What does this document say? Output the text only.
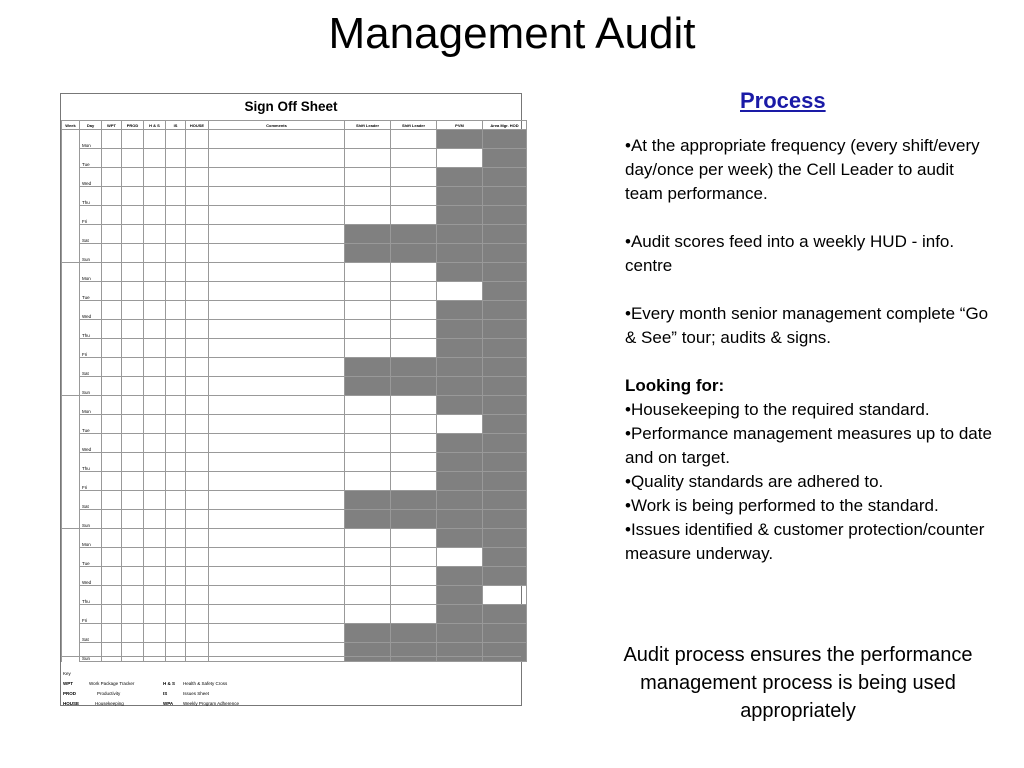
Management Audit
Sign Off Sheet
Week	Day	WPT	PROD	H & S	IS	HOUSE	Comments	Shift Leader	Shift Leader	PVM	Area Mgr. HOD
	Mon										
	Tue										
	Wed										
	Thu										
	Fri										
	Sat										
	Sun										
	Mon										
	Tue										
	Wed										
	Thu										
	Fri										
	Sat										
	Sun										
	Mon										
	Tue										
	Wed										
	Thu										
	Fri										
	Sat										
	Sun										
	Mon										
	Tue										
	Wed										
	Thu										
	Fri										
	Sat										
	Sun										
Key
WPT	Work Package Tracker	H & S Health & Safety Cross
PROD	Productivity	IS	Issues Sheet
HOUSE	Housekeeping	WPA Weekly Program Adherence
Process

•At the appropriate frequency (every shift/every day/once per week) the Cell Leader to audit team performance.

•Audit scores feed into a weekly HUD - info. centre

•Every month senior management complete “Go & See” tour; audits & signs.

Looking for:

•Housekeeping to the required standard.

•Performance management measures up to date and on target.

•Quality standards are adhered to.

•Work is being performed to the standard.

•Issues identified & customer protection/counter measure underway.

Audit process ensures the performance management process is being used appropriately
